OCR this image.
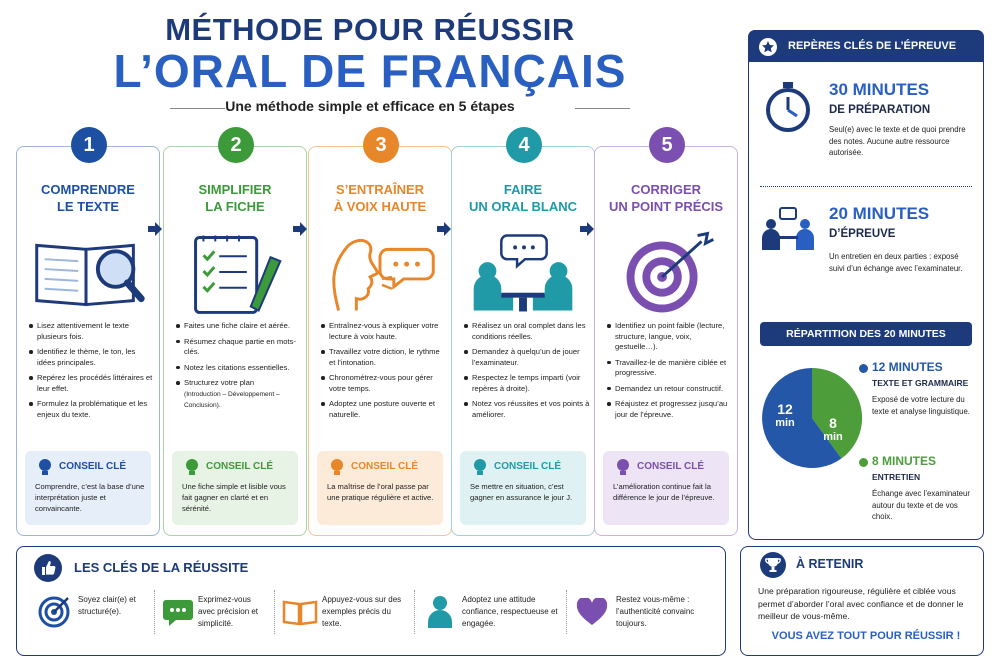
MÉTHODE POUR RÉUSSIR
L’ORAL DE FRANÇAIS
Une méthode simple et efficace en 5 étapes
1
COMPRENDRE
LE TEXTE
Lisez attentivement le texte plusieurs fois.
Identifiez le thème, le ton, les idées principales.
Repérez les procédés littéraires et leur effet.
Formulez la problématique et les enjeux du texte.
CONSEIL CLÉ
Comprendre, c’est la base d’une interprétation juste et convaincante.
2
SIMPLIFIER
LA FICHE
Faites une fiche claire et aérée.
Résumez chaque partie en mots-clés.
Notez les citations essentielles.
Structurez votre plan
(Introduction – Développement – Conclusion).
CONSEIL CLÉ
Une fiche simple et lisible vous fait gagner en clarté et en sérénité.
3
S’ENTRAÎNER
À VOIX HAUTE
Entraînez-vous à expliquer votre lecture à voix haute.
Travaillez votre diction, le rythme et l’intonation.
Chronométrez-vous pour gérer votre temps.
Adoptez une posture ouverte et naturelle.
CONSEIL CLÉ
La maîtrise de l’oral passe par une pratique régulière et active.
4
FAIRE
UN ORAL BLANC
Réalisez un oral complet dans les conditions réelles.
Demandez à quelqu’un de jouer l’examinateur.
Respectez le temps imparti (voir repères à droite).
Notez vos réussites et vos points à améliorer.
CONSEIL CLÉ
Se mettre en situation, c’est gagner en assurance le jour J.
5
CORRIGER
UN POINT PRÉCIS
Identifiez un point faible (lecture, structure, langue, voix, gestuelle…).
Travaillez-le de manière ciblée et progressive.
Demandez un retour constructif.
Réajustez et progressez jusqu’au jour de l’épreuve.
CONSEIL CLÉ
L’amélioration continue fait la différence le jour de l’épreuve.
REPÈRES CLÉS DE L’ÉPREUVE
30 MINUTES
DE PRÉPARATION
Seul(e) avec le texte et de quoi prendre des notes. Aucune autre ressource autorisée.
20 MINUTES
D’ÉPREUVE
Un entretien en deux parties : exposé suivi d’un échange avec l’examinateur.
RÉPARTITION DES 20 MINUTES
12
min	8
min
12 MINUTES
TEXTE ET GRAMMAIRE
Exposé de votre lecture du texte et analyse linguistique.
8 MINUTES
ENTRETIEN
Échange avec l’examinateur autour du texte et de vos choix.
LES CLÉS DE LA RÉUSSITE
Soyez clair(e) et structuré(e).
Exprimez-vous avec précision et simplicité.
Appuyez-vous sur des exemples précis du texte.
Adoptez une attitude confiance, respectueuse et engagée.
Restez vous-même : l’authenticité convainc toujours.
À RETENIR
Une préparation rigoureuse, régulière et ciblée vous permet d’aborder l’oral avec confiance et de donner le meilleur de vous-même.
VOUS AVEZ TOUT POUR RÉUSSIR !
